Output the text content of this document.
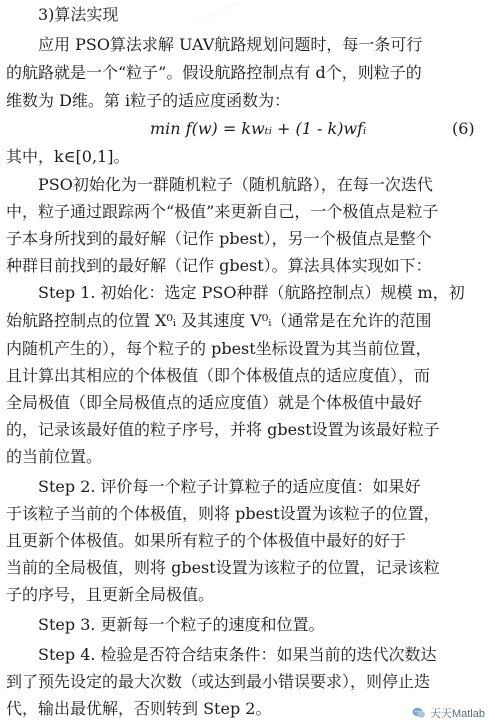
3)算法实现
应用 PSO算法求解 UAV航路规划问题时，每一条可行
的航路就是一个“粒子”。假设航路控制点有 d个，则粒子的
维数为 D维。第 i粒子的适应度函数为：
min f(w) = kwₜᵢ + (1 - k)wfᵢ	(6)
其中，k∈[0,1]。
PSO初始化为一群随机粒子（随机航路），在每一次迭代
中，粒子通过跟踪两个“极值”来更新自己，一个极值点是粒子
子本身所找到的最好解（记作 pbest），另一个极值点是整个
种群目前找到的最好解（记作 gbest）。算法具体实现如下：
Step 1. 初始化：选定 PSO种群（航路控制点）规模 m，初
始航路控制点的位置 X⁰ᵢ 及其速度 V⁰ᵢ（通常是在允许的范围
内随机产生的），每个粒子的 pbest坐标设置为其当前位置，
且计算出其相应的个体极值（即个体极值点的适应度值），而
全局极值（即全局极值点的适应度值）就是个体极值中最好
的，记录该最好值的粒子序号，并将 gbest设置为该最好粒子
的当前位置。
Step 2. 评价每一个粒子计算粒子的适应度值：如果好
于该粒子当前的个体极值，则将 pbest设置为该粒子的位置，
且更新个体极值。如果所有粒子的个体极值中最好的好于
当前的全局极值，则将 gbest设置为该粒子的位置，记录该粒
子的序号，且更新全局极值。
Step 3. 更新每一个粒子的速度和位置。
Step 4. 检验是否符合结束条件：如果当前的迭代次数达
到了预先设定的最大次数（或达到最小错误要求），则停止迭
代，输出最优解，否则转到 Step 2。	天天Matlab
